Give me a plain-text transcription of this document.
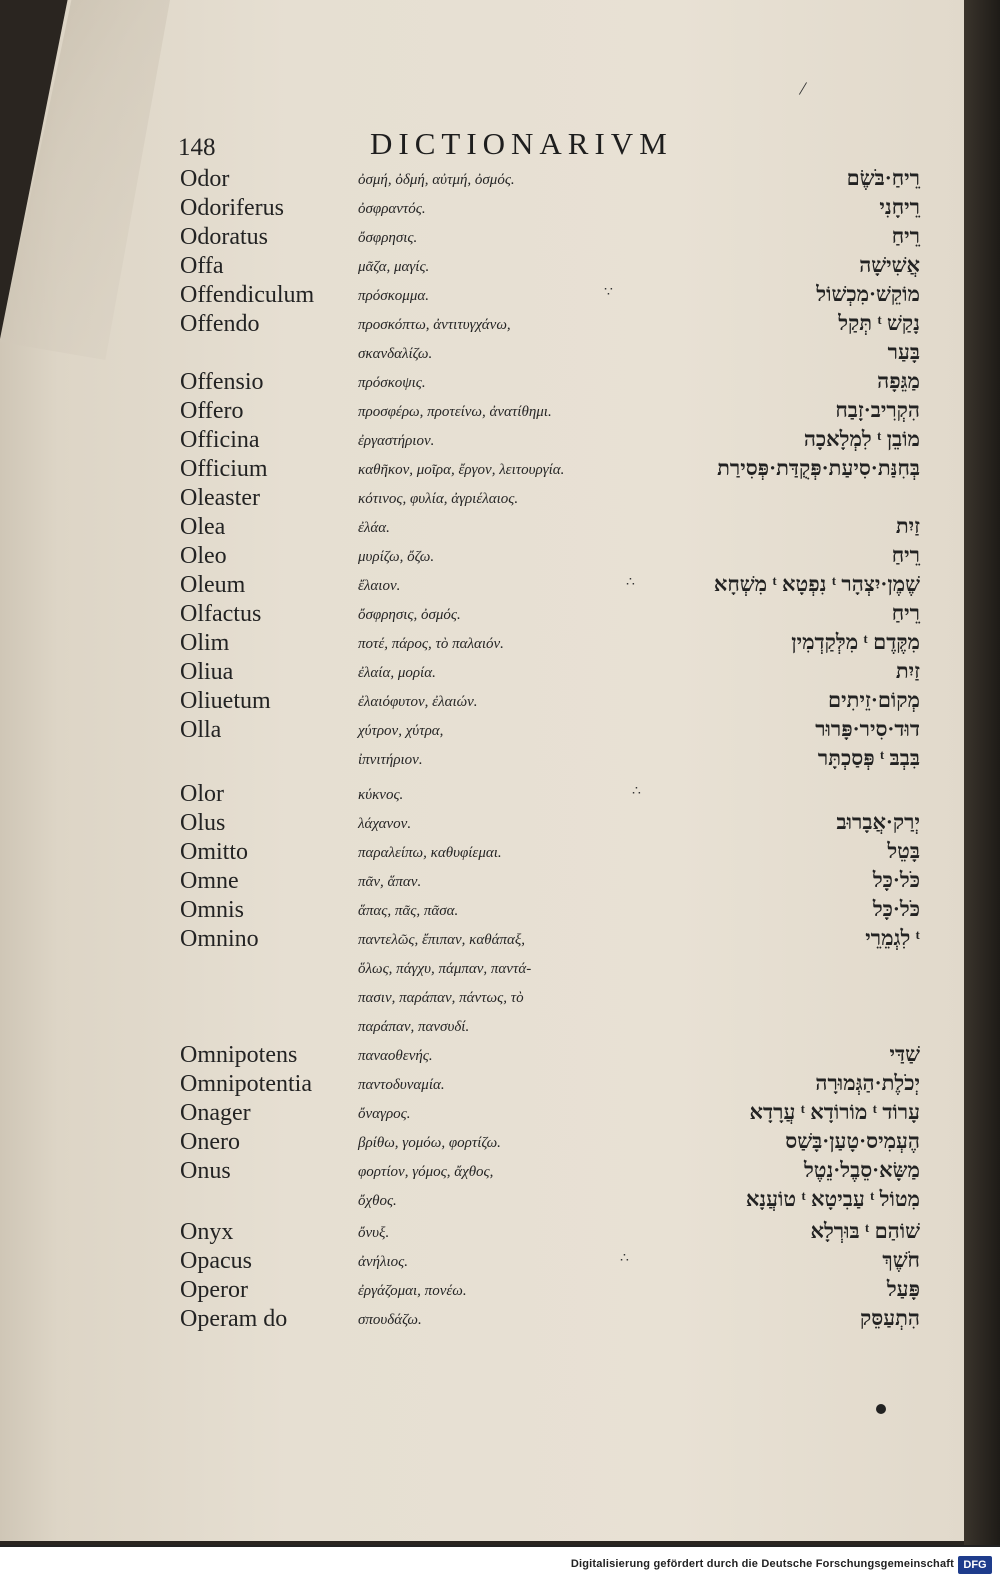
/
148	DICTIONARIVM
Odor	ὀσμή, ὀδμή, αὐτμή, ὀσμός.	רֵיחַ·בֹּשֶׂם
Odoriferus	ὀσφραντός.	רֵיחָנִי
Odoratus	ὄσφρησις.	רֵיחַ
Offa	μᾶζα, μαγίς.	אֲשִׁישָׁה
Offendiculum	πρόσκομμα.	∵	מוֹקֵשׁ·מִכְשׁוֹל
Offendo	προσκόπτω, ἀντιτυγχάνω,	נָקַשׁ ᵗ תְּקַל
σκανδαλίζω.	בָּעַר
Offensio	πρόσκοψις.	מַגֵּפָה
Offero	προσφέρω, προτείνω, ἀνατίθημι.	הִקְרִיב·זָבַח
Officina	ἐργαστήριον.	מוֹבֵן ᵗ לִמְלָאכָה
Officium	καθῆκον, μοῖρα, ἔργον, λειτουργία.	בְּחִנַּת·סִיעַת·פְּקֻדַּת·פְּסִירַת
Oleaster	κότινος, φυλία, ἀγριέλαιος.
Olea	ἐλάα.	זַיִת
Oleo	μυρίζω, ὄζω.	רֵיחַ
Oleum	ἔλαιον.	∴	שֶׁמֶן·יִצְהָר ᵗ נִפְטָא ᵗ מִשְׁחָא
Olfactus	ὄσφρησις, ὀσμός.	רֵיחַ
Olim	ποτέ, πάρος, τὸ παλαιόν.	מִקֶּדֶם ᵗ מִלְּקַדְמִין
Oliua	ἐλαία, μορία.	זַיִת
Oliuetum	ἐλαιόφυτον, ἐλαιών.	מְקוֹם·זֵיתִים
Olla	χύτρον, χύτρα,	דוּד·סִיר·פָּרוּר
ἰπνιτήριον.	בִּבְבּ ᵗ פְּסַכְתָּר
Olor	κύκνος.	∴
Olus	λάχανον.	יְרַק·אֲבָרוּב
Omitto	παραλείπω, καθυφίεμαι.	בָּטֵל
Omne	πᾶν, ἅπαν.	כֹּל·כָּל
Omnis	ἅπας, πᾶς, πᾶσα.	כֹּל·כָּל
Omnino	παντελῶς, ἔπιπαν, καθάπαξ,	ᵗ לִגְמֵרֵי
ὅλως, πάγχυ, πάμπαν, παντά-
πασιν, παράπαν, πάντως, τὸ
παράπαν, πανσυδί.
Omnipotens	παναοθενής.	שַׁדַּי
Omnipotentia	παντοδυναμία.	יְכֹלֶת·הַגְּמוּרָה
Onager	ὄναγρος.	עָרוֹד ᵗ מוֹרוֹדָא ᵗ עֲרָדָא
Onero	βρίθω, γομόω, φορτίζω.	הֶעְמִיס·טָעַן·בָּשַׁס
Onus	φορτίον, γόμος, ἄχθος,	מַשָּׂא·סֵבֶל·נֵטֶל
ὄχθος.	מִטוֹל ᵗ עַבִיטָא ᵗ טוֹעֲנָא
Onyx	ὄνυξ.	שׁוֹהַם ᵗ בּוּרְלָא
Opacus	ἀνήλιος.	∴	חֹשֶׁךְ
Operor	ἐργάζομαι, πονέω.	פָּעַל
Operam do	σπουδάζω.	הִתְעַסֵּק
Digitalisierung gefördert durch die Deutsche Forschungsgemeinschaft DFG
